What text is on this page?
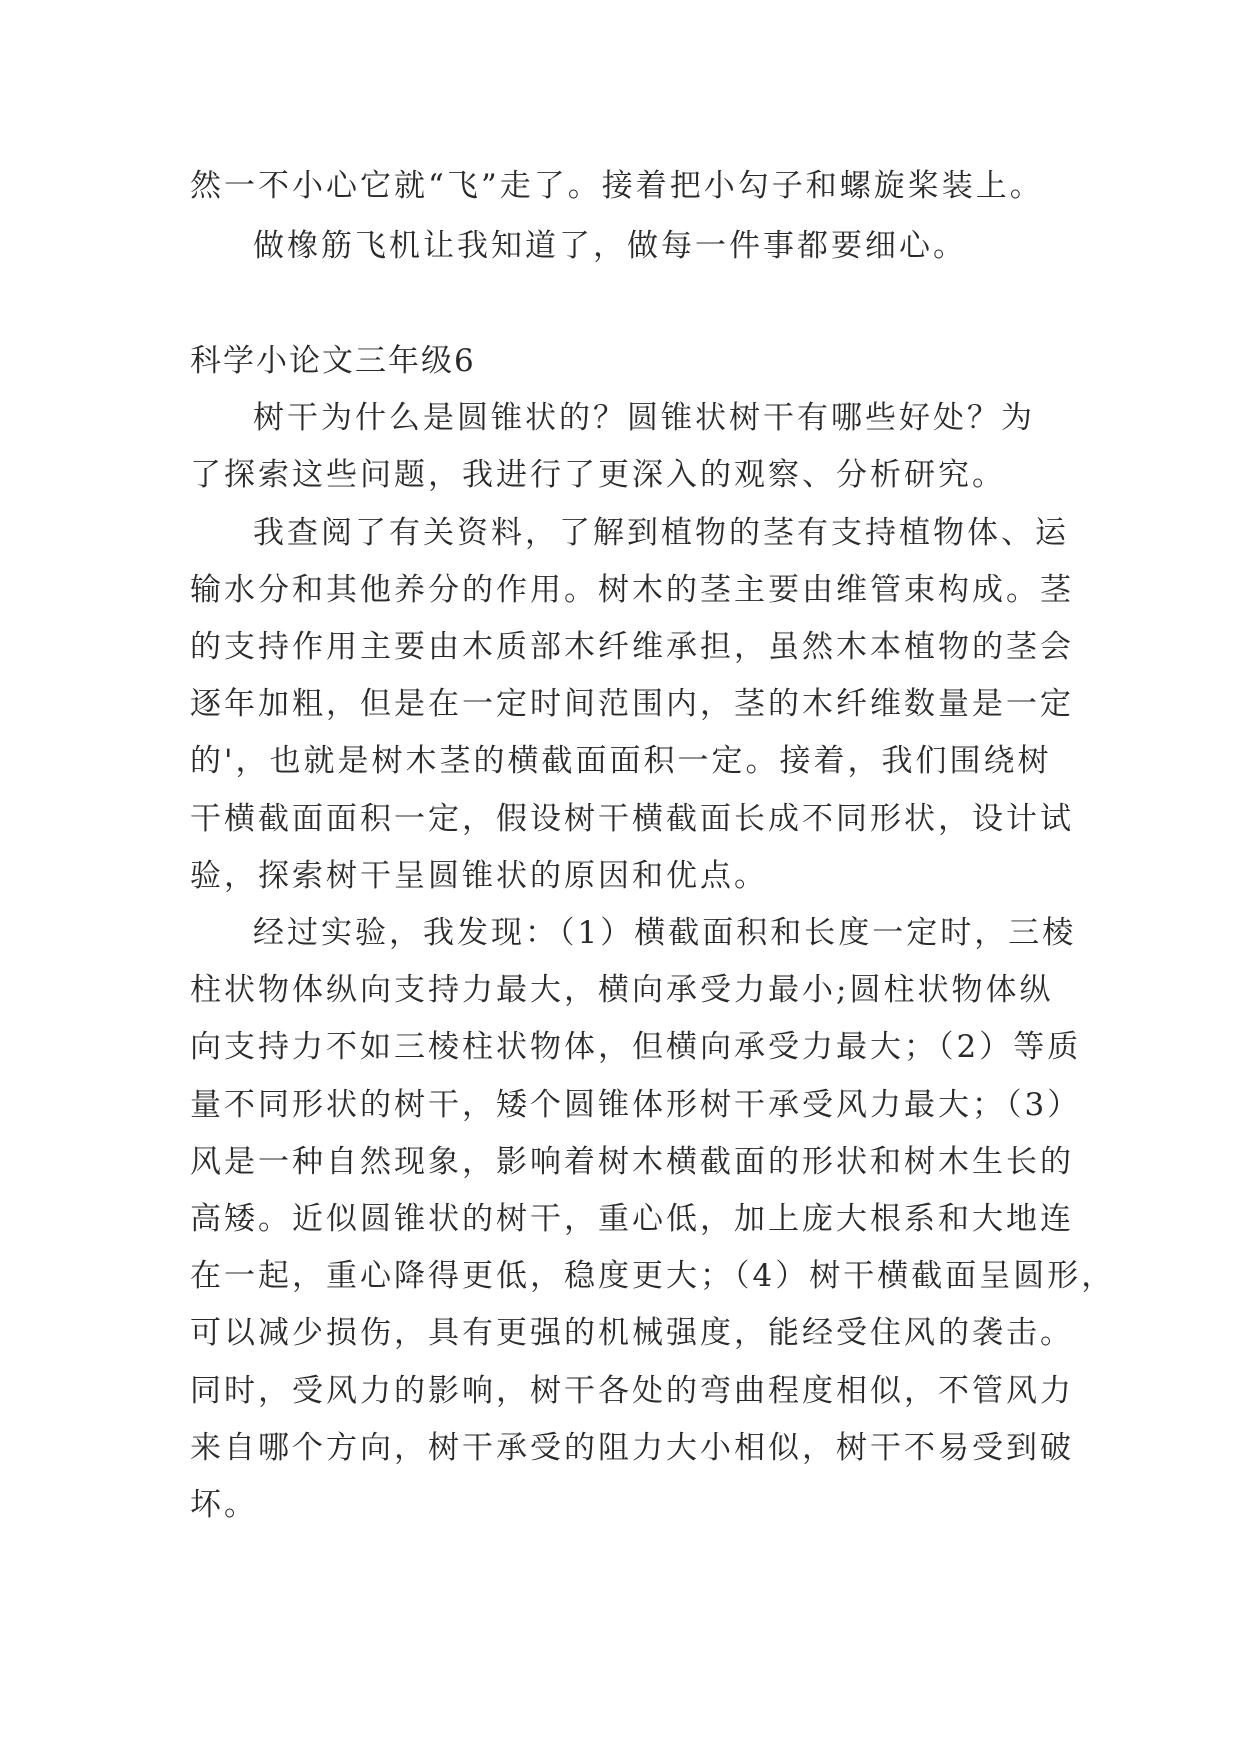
然一不小心它就“飞”走了。接着把小勾子和螺旋桨装上。
做橡筋飞机让我知道了，做每一件事都要细心。
科学小论文三年级6
树干为什么是圆锥状的？圆锥状树干有哪些好处？为
了探索这些问题，我进行了更深入的观察、分析研究。
我查阅了有关资料，了解到植物的茎有支持植物体、运
输水分和其他养分的作用。树木的茎主要由维管束构成。茎
的支持作用主要由木质部木纤维承担，虽然木本植物的茎会
逐年加粗，但是在一定时间范围内，茎的木纤维数量是一定
的'，也就是树木茎的横截面面积一定。接着，我们围绕树
干横截面面积一定，假设树干横截面长成不同形状，设计试
验，探索树干呈圆锥状的原因和优点。
经过实验，我发现：（1）横截面积和长度一定时，三棱
柱状物体纵向支持力最大，横向承受力最小;圆柱状物体纵
向支持力不如三棱柱状物体，但横向承受力最大；（2）等质
量不同形状的树干，矮个圆锥体形树干承受风力最大；（3）
风是一种自然现象，影响着树木横截面的形状和树木生长的
高矮。近似圆锥状的树干，重心低，加上庞大根系和大地连
在一起，重心降得更低，稳度更大；（4）树干横截面呈圆形，
可以减少损伤，具有更强的机械强度，能经受住风的袭击。
同时，受风力的影响，树干各处的弯曲程度相似，不管风力
来自哪个方向，树干承受的阻力大小相似，树干不易受到破
坏。
